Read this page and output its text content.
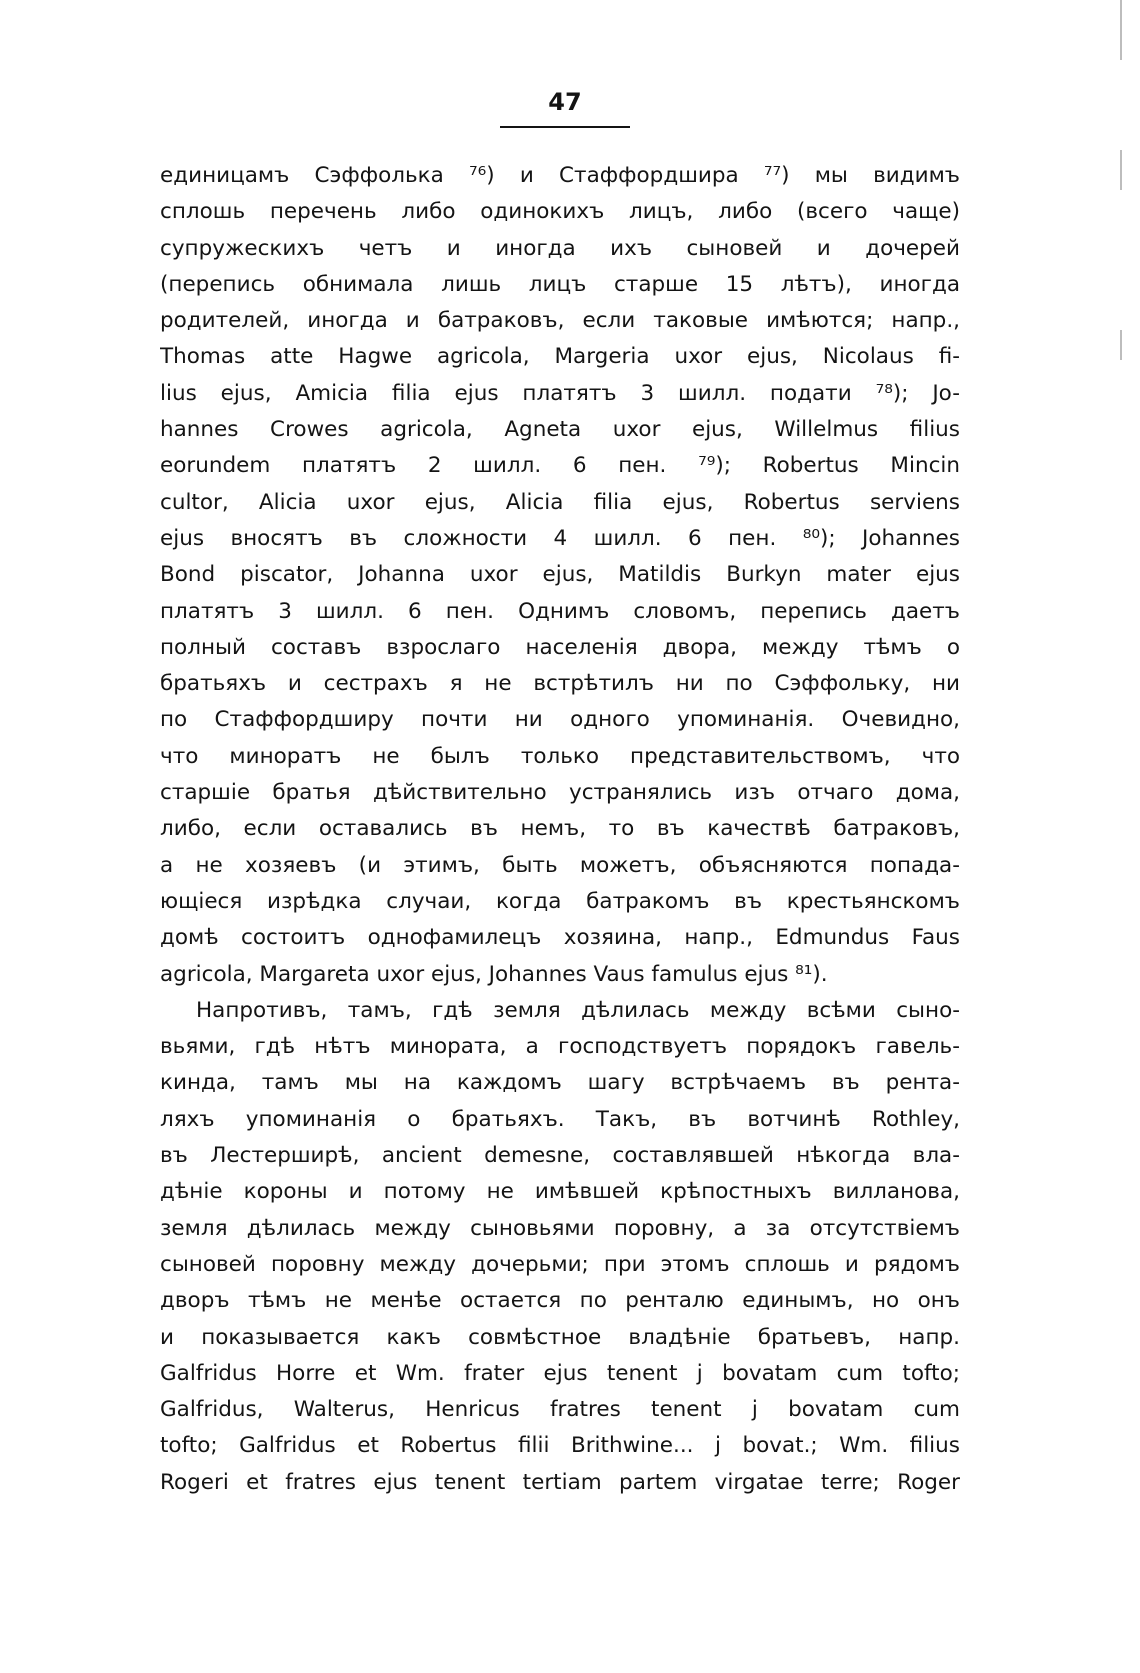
47
единицамъ Сэффолька ⁷⁶) и Стаффордшира ⁷⁷) мы видимъ
сплошь перечень либо одинокихъ лицъ, либо (всего чаще)
супружескихъ четъ и иногда ихъ сыновей и дочерей
(перепись обнимала лишь лицъ старше 15 лѣтъ), иногда
родителей, иногда и батраковъ, если таковые имѣются; напр.,
Thomas atte Hagwe agricola, Margeria uxor ejus, Nicolaus fi-
lius ejus, Amicia filia ejus платятъ 3 шилл. подати ⁷⁸); Jo-
hannes Crowes agricola, Agneta uxor ejus, Willelmus filius
eorundem платятъ 2 шилл. 6 пен. ⁷⁹); Robertus Mincin
cultor, Alicia uxor ejus, Alicia filia ejus, Robertus serviens
ejus вносятъ въ сложности 4 шилл. 6 пен. ⁸⁰); Johannes
Bond piscator, Johanna uxor ejus, Matildis Burkyn mater ejus
платятъ 3 шилл. 6 пен. Однимъ словомъ, перепись даетъ
полный составъ взрослаго населенія двора, между тѣмъ о
братьяхъ и сестрахъ я не встрѣтилъ ни по Сэффольку, ни
по Стаффордширу почти ни одного упоминанія. Очевидно,
что миноратъ не былъ только представительствомъ, что
старшіе братья дѣйствительно устранялись изъ отчаго дома,
либо, если оставались въ немъ, то въ качествѣ батраковъ,
а не хозяевъ (и этимъ, быть можетъ, объясняются попада-
ющіеся изрѣдка случаи, когда батракомъ въ крестьянскомъ
домѣ состоитъ однофамилецъ хозяина, напр., Edmundus Faus
agricola, Margareta uxor ejus, Johannes Vaus famulus ejus ⁸¹).
Напротивъ, тамъ, гдѣ земля дѣлилась между всѣми сыно-
вьями, гдѣ нѣтъ минората, а господствуетъ порядокъ гавель-
кинда, тамъ мы на каждомъ шагу встрѣчаемъ въ рента-
ляхъ упоминанія о братьяхъ. Такъ, въ вотчинѣ Rothley,
въ Лестерширѣ, ancient demesne, составлявшей нѣкогда вла-
дѣніе короны и потому не имѣвшей крѣпостныхъ вилланова,
земля дѣлилась между сыновьями поровну, а за отсутствіемъ
сыновей поровну между дочерьми; при этомъ сплошь и рядомъ
дворъ тѣмъ не менѣе остается по ренталю единымъ, но онъ
и показывается какъ совмѣстное владѣніе братьевъ, напр.
Galfridus Horre et Wm. frater ejus tenent j bovatam cum tofto;
Galfridus, Walterus, Henricus fratres tenent j bovatam cum
tofto; Galfridus et Robertus filii Brithwine... j bovat.; Wm. filius
Rogeri et fratres ejus tenent tertiam partem virgatae terre; Roger
